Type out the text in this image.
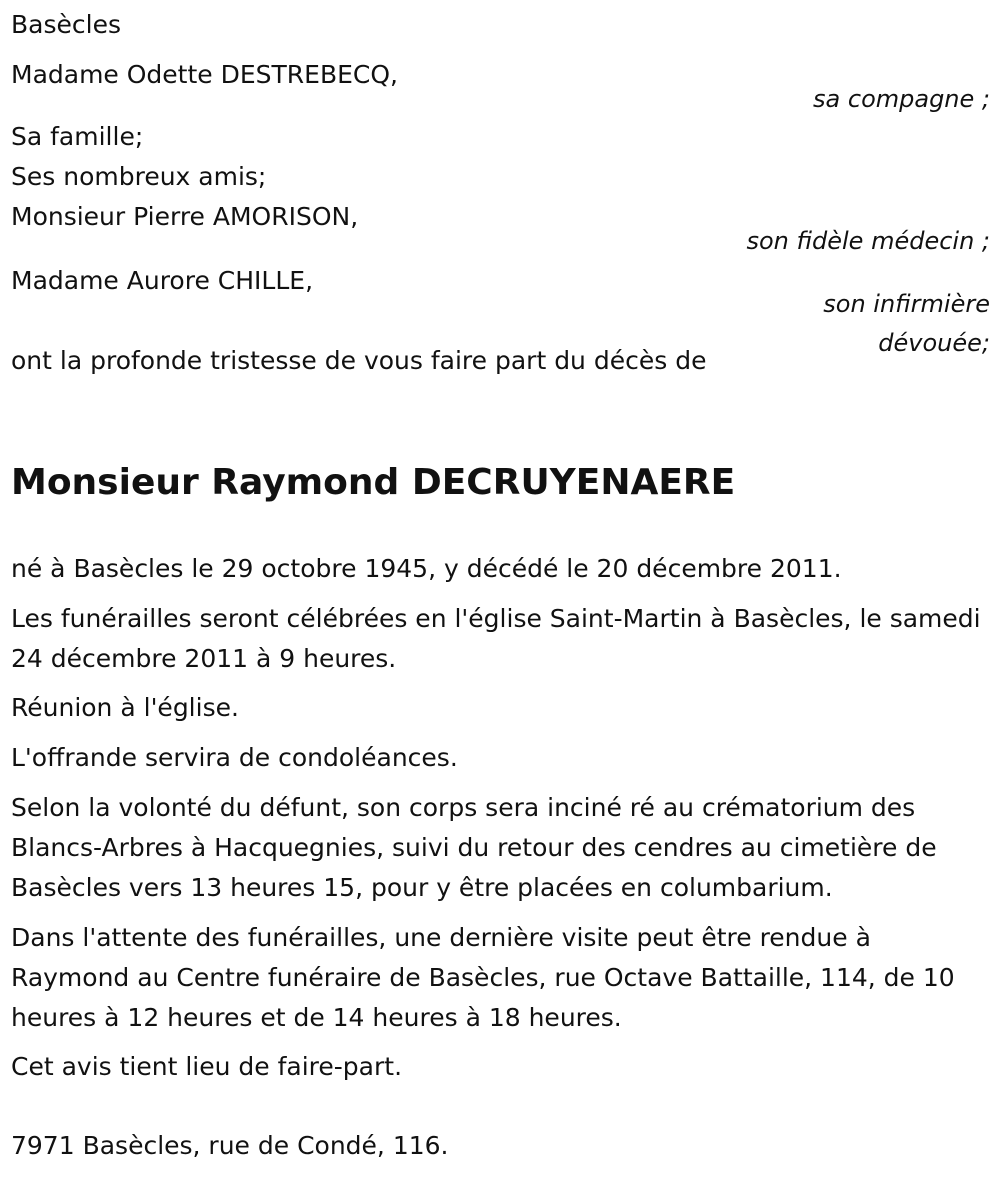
Basècles
Madame Odette DESTREBECQ,
sa compagne ;
Sa famille;
Ses nombreux amis;
Monsieur Pierre AMORISON,
son fidèle médecin ;
Madame Aurore CHILLE,
son infirmière
dévouée;
ont la profonde tristesse de vous faire part du décès de
Monsieur Raymond DECRUYENAERE
né à Basècles le 29 octobre 1945, y décédé le 20 décembre 2011.
Les funérailles seront célébrées en l'église Saint-Martin à Basècles, le samedi 24 décembre 2011 à 9 heures.
Réunion à l'église.
L'offrande servira de condoléances.
Selon la volonté du défunt, son corps sera inciné ré au crématorium des Blancs-Arbres à Hacquegnies, suivi du retour des cendres au cimetière de Basècles vers 13 heures 15, pour y être placées en columbarium.
Dans l'attente des funérailles, une dernière visite peut être rendue à Raymond au Centre funéraire de Basècles, rue Octave Battaille, 114, de 10 heures à 12 heures et de 14 heures à 18 heures.
Cet avis tient lieu de faire-part.
7971 Basècles, rue de Condé, 116.
